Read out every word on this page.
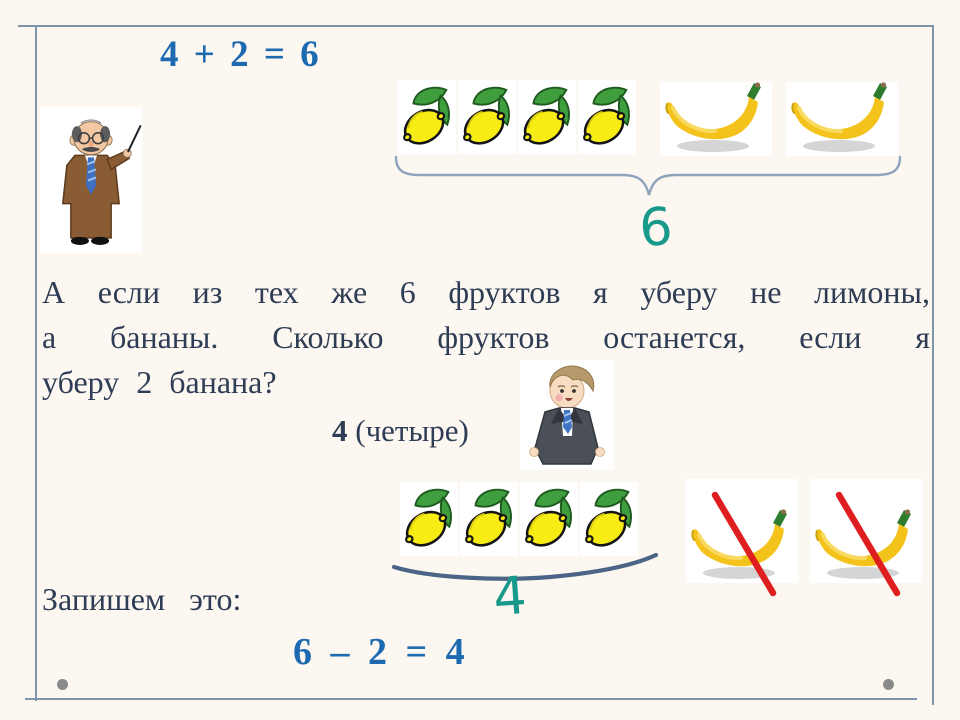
4 + 2 = 6
6
А если из тех же 6 фруктов я уберу не лимоны,
а бананы. Сколько фруктов останется, если я
уберу 2 банана?
4 (четыре)
4
Запишем это:
6 – 2 = 4
